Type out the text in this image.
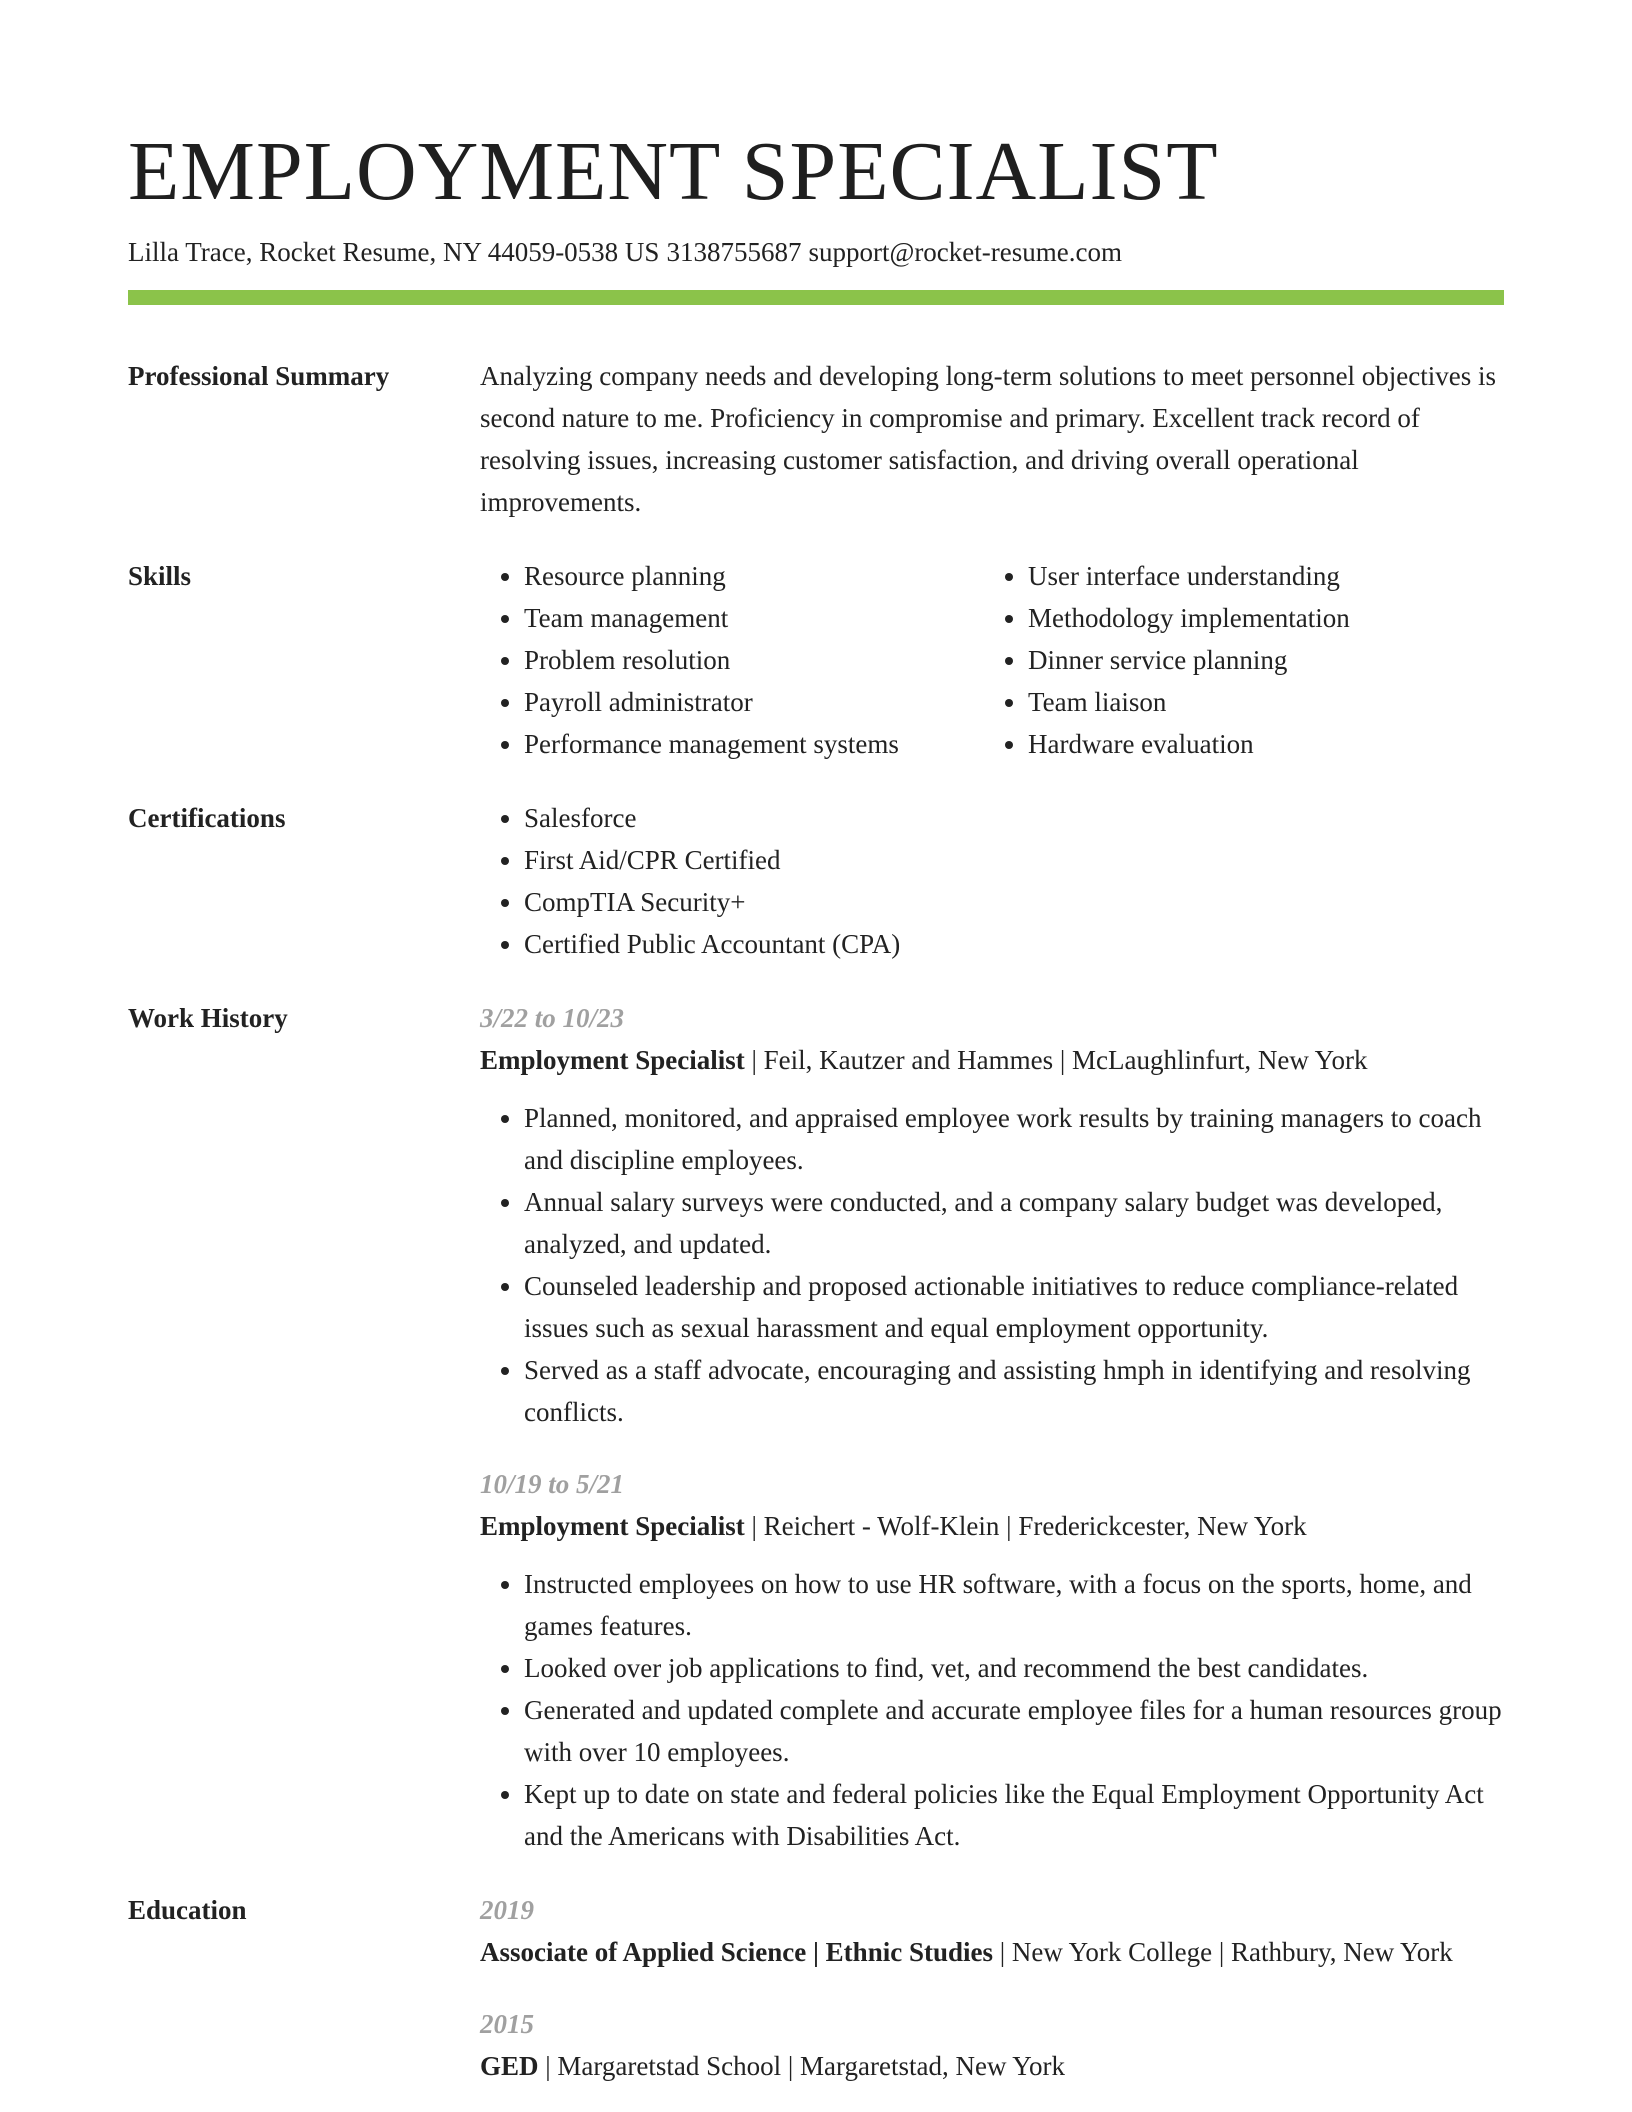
EMPLOYMENT SPECIALIST
Lilla Trace, Rocket Resume, NY 44059-0538 US 3138755687 support@rocket-resume.com
Professional Summary	Analyzing company needs and developing long-term solutions to meet personnel objectives is second nature to me. Proficiency in compromise and primary. Excellent track record of resolving issues, increasing customer satisfaction, and driving overall operational improvements.
Skills	• Resource planning
• Team management
• Problem resolution
• Payroll administrator
• Performance management systems
• User interface understanding
• Methodology implementation
• Dinner service planning
• Team liaison
• Hardware evaluation
Certifications	• Salesforce
• First Aid/CPR Certified
• CompTIA Security+
• Certified Public Accountant (CPA)
Work History	3/22 to 10/23
Employment Specialist | Feil, Kautzer and Hammes | McLaughlinfurt, New York
• Planned, monitored, and appraised employee work results by training managers to coach and discipline employees.
• Annual salary surveys were conducted, and a company salary budget was developed, analyzed, and updated.
• Counseled leadership and proposed actionable initiatives to reduce compliance-related issues such as sexual harassment and equal employment opportunity.
• Served as a staff advocate, encouraging and assisting hmph in identifying and resolving conflicts.
10/19 to 5/21
Employment Specialist | Reichert - Wolf-Klein | Frederickcester, New York
• Instructed employees on how to use HR software, with a focus on the sports, home, and games features.
• Looked over job applications to find, vet, and recommend the best candidates.
• Generated and updated complete and accurate employee files for a human resources group with over 10 employees.
• Kept up to date on state and federal policies like the Equal Employment Opportunity Act and the Americans with Disabilities Act.
Education	2019
Associate of Applied Science | Ethnic Studies | New York College | Rathbury, New York
2015
GED | Margaretstad School | Margaretstad, New York
